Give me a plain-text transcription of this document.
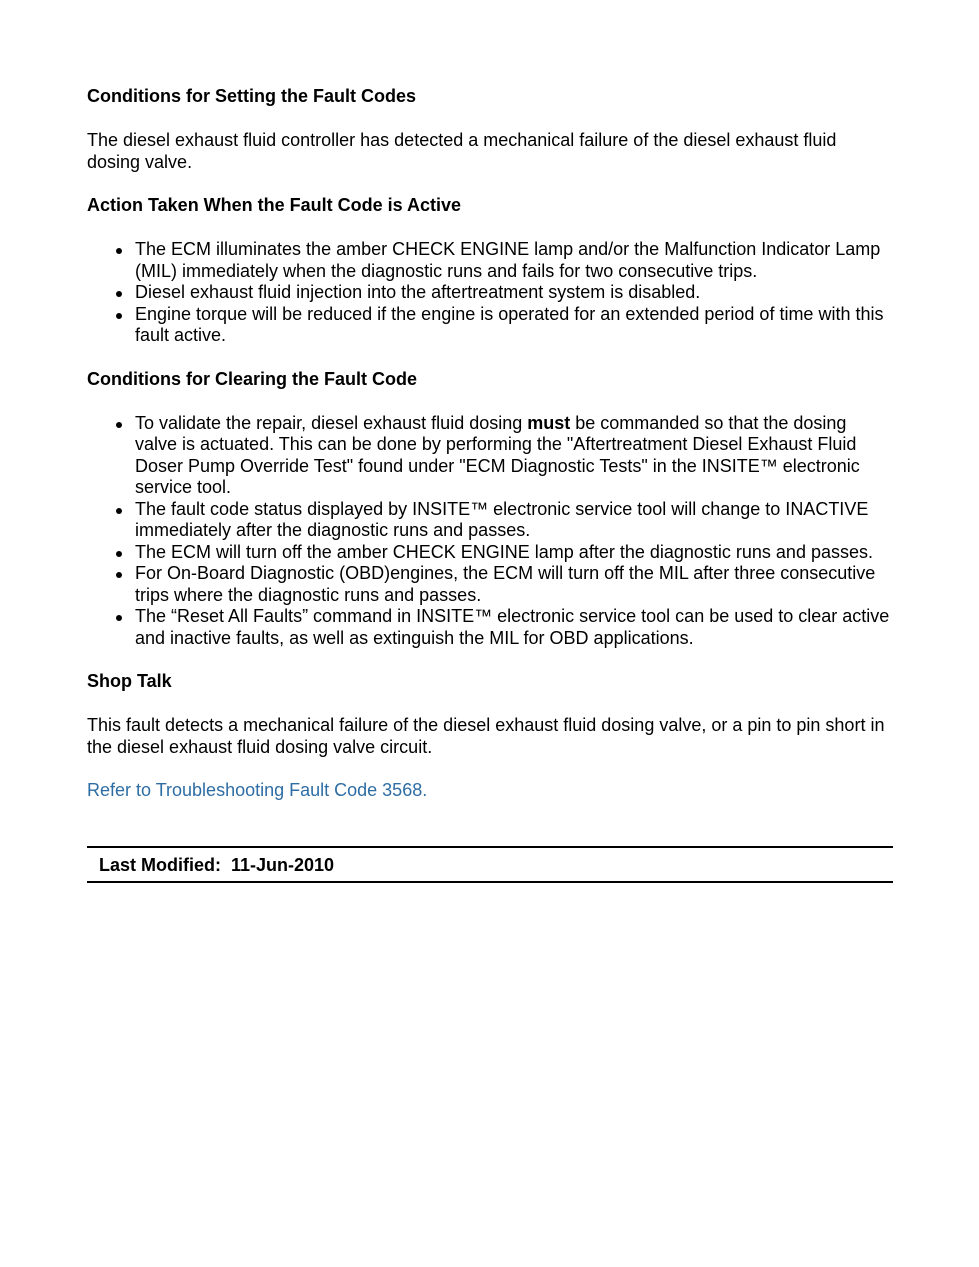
Conditions for Setting the Fault Codes
The diesel exhaust fluid controller has detected a mechanical failure of the diesel exhaust fluid dosing valve.
Action Taken When the Fault Code is Active
The ECM illuminates the amber CHECK ENGINE lamp and/or the Malfunction Indicator Lamp (MIL) immediately when the diagnostic runs and fails for two consecutive trips.
Diesel exhaust fluid injection into the aftertreatment system is disabled.
Engine torque will be reduced if the engine is operated for an extended period of time with this fault active.
Conditions for Clearing the Fault Code
To validate the repair, diesel exhaust fluid dosing must be commanded so that the dosing valve is actuated. This can be done by performing the "Aftertreatment Diesel Exhaust Fluid Doser Pump Override Test" found under "ECM Diagnostic Tests" in the INSITE™ electronic service tool.
The fault code status displayed by INSITE™ electronic service tool will change to INACTIVE immediately after the diagnostic runs and passes.
The ECM will turn off the amber CHECK ENGINE lamp after the diagnostic runs and passes.
For On-Board Diagnostic (OBD)engines, the ECM will turn off the MIL after three consecutive trips where the diagnostic runs and passes.
The “Reset All Faults” command in INSITE™ electronic service tool can be used to clear active and inactive faults, as well as extinguish the MIL for OBD applications.
Shop Talk
This fault detects a mechanical failure of the diesel exhaust fluid dosing valve, or a pin to pin short in the diesel exhaust fluid dosing valve circuit.
Refer to Troubleshooting Fault Code 3568.
Last Modified:  11-Jun-2010
